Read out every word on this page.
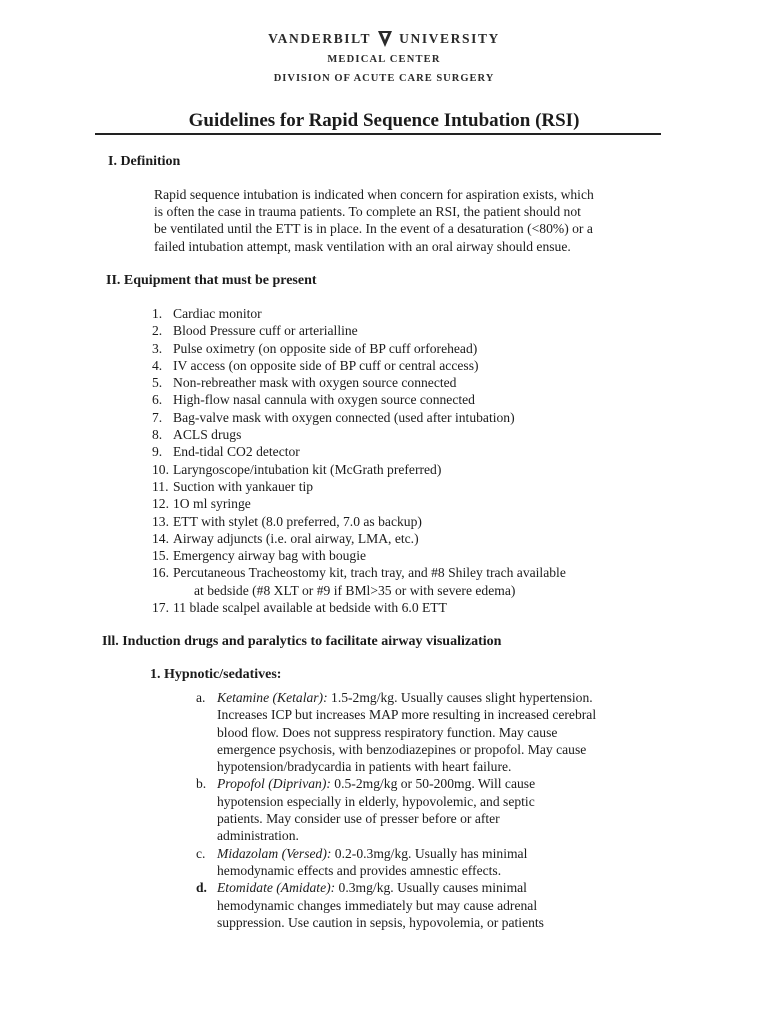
VANDERBILT UNIVERSITY
MEDICAL CENTER
DIVISION OF ACUTE CARE SURGERY
Guidelines for Rapid Sequence Intubation (RSI)
I. Definition
Rapid sequence intubation is indicated when concern for aspiration exists, which
is often the case in trauma patients. To complete an RSI, the patient should not
be ventilated until the ETT is in place. In the event of a desaturation (<80%) or a
failed intubation attempt, mask ventilation with an oral airway should ensue.
II. Equipment that must be present
1. Cardiac monitor
2. Blood Pressure cuff or arterialline
3. Pulse oximetry (on opposite side of BP cuff orforehead)
4. IV access (on opposite side of BP cuff or central access)
5. Non-rebreather mask with oxygen source connected
6. High-flow nasal cannula with oxygen source connected
7. Bag-valve mask with oxygen connected (used after intubation)
8. ACLS drugs
9. End-tidal CO2 detector
10. Laryngoscope/intubation kit (McGrath preferred)
11. Suction with yankauer tip
12. 1O ml syringe
13. ETT with stylet (8.0 preferred, 7.0 as backup)
14. Airway adjuncts (i.e. oral airway, LMA, etc.)
15. Emergency airway bag with bougie
16. Percutaneous Tracheostomy kit, trach tray, and #8 Shiley trach available
at bedside (#8 XLT or #9 if BMl>35 or with severe edema)
17. 11 blade scalpel available at bedside with 6.0 ETT
Ill. Induction drugs and paralytics to facilitate airway visualization
1. Hypnotic/sedatives:
a. Ketamine (Ketalar): 1.5-2mg/kg. Usually causes slight hypertension.
Increases ICP but increases MAP more resulting in increased cerebral
blood flow. Does not suppress respiratory function. May cause
emergence psychosis, with benzodiazepines or propofol. May cause
hypotension/bradycardia in patients with heart failure.
b. Propofol (Diprivan): 0.5-2mg/kg or 50-200mg. Will cause
hypotension especially in elderly, hypovolemic, and septic
patients. May consider use of presser before or after
administration.
c. Midazolam (Versed): 0.2-0.3mg/kg. Usually has minimal
hemodynamic effects and provides amnestic effects.
d. Etomidate (Amidate): 0.3mg/kg. Usually causes minimal
hemodynamic changes immediately but may cause adrenal
suppression. Use caution in sepsis, hypovolemia, or patients
